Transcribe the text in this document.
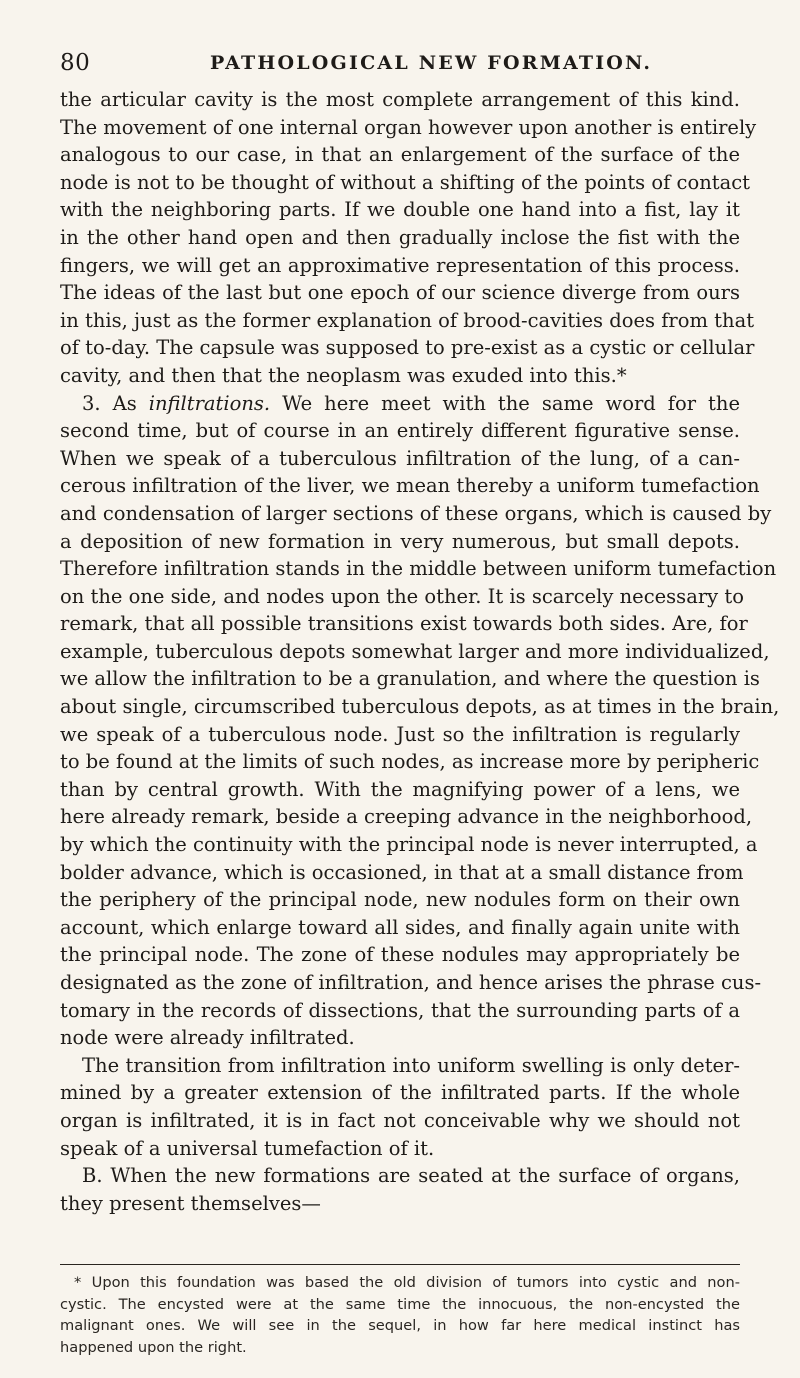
80	PATHOLOGICAL NEW FORMATION.
the articular cavity is the most complete arrangement of this kind.
The movement of one internal organ however upon another is entirely
analogous to our case, in that an enlargement of the surface of the
node is not to be thought of without a shifting of the points of contact
with the neighboring parts. If we double one hand into a fist, lay it
in the other hand open and then gradually inclose the fist with the
fingers, we will get an approximative representation of this process.
The ideas of the last but one epoch of our science diverge from ours
in this, just as the former explanation of brood-cavities does from that
of to-day. The capsule was supposed to pre-exist as a cystic or cellular
cavity, and then that the neoplasm was exuded into this.*
3. As infiltrations. We here meet with the same word for the
second time, but of course in an entirely different figurative sense.
When we speak of a tuberculous infiltration of the lung, of a can-
cerous infiltration of the liver, we mean thereby a uniform tumefaction
and condensation of larger sections of these organs, which is caused by
a deposition of new formation in very numerous, but small depots.
Therefore infiltration stands in the middle between uniform tumefaction
on the one side, and nodes upon the other. It is scarcely necessary to
remark, that all possible transitions exist towards both sides. Are, for
example, tuberculous depots somewhat larger and more individualized,
we allow the infiltration to be a granulation, and where the question is
about single, circumscribed tuberculous depots, as at times in the brain,
we speak of a tuberculous node. Just so the infiltration is regularly
to be found at the limits of such nodes, as increase more by peripheric
than by central growth. With the magnifying power of a lens, we
here already remark, beside a creeping advance in the neighborhood,
by which the continuity with the principal node is never interrupted, a
bolder advance, which is occasioned, in that at a small distance from
the periphery of the principal node, new nodules form on their own
account, which enlarge toward all sides, and finally again unite with
the principal node. The zone of these nodules may appropriately be
designated as the zone of infiltration, and hence arises the phrase cus-
tomary in the records of dissections, that the surrounding parts of a
node were already infiltrated.
The transition from infiltration into uniform swelling is only deter-
mined by a greater extension of the infiltrated parts. If the whole
organ is infiltrated, it is in fact not conceivable why we should not
speak of a universal tumefaction of it.
B. When the new formations are seated at the surface of organs,
they present themselves—
* Upon this foundation was based the old division of tumors into cystic and non-
cystic. The encysted were at the same time the innocuous, the non-encysted the
malignant ones. We will see in the sequel, in how far here medical instinct has
happened upon the right.
